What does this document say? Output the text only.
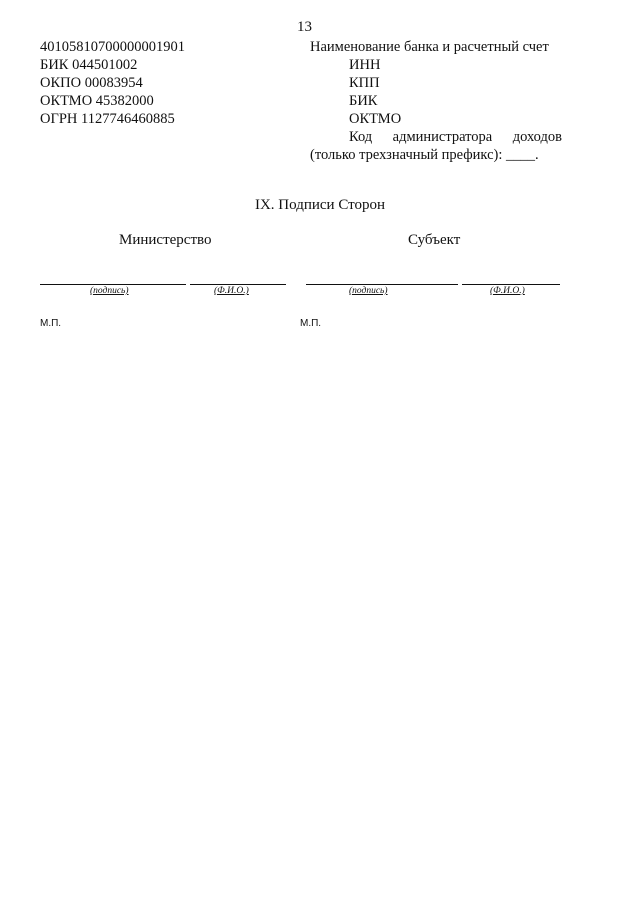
13
40105810700000001901
БИК 044501002
ОКПО 00083954
ОКТМО 45382000
ОГРН 1127746460885
Наименование банка и расчетный счет
ИНН
КПП
БИК
ОКТМО
Код администратора доходов
(только трехзначный префикс): ____.
IX. Подписи Сторон
Министерство	Субъект
(подпись)	(Ф.И.О.)
М.П.
(подпись)	(Ф.И.О.)
М.П.
